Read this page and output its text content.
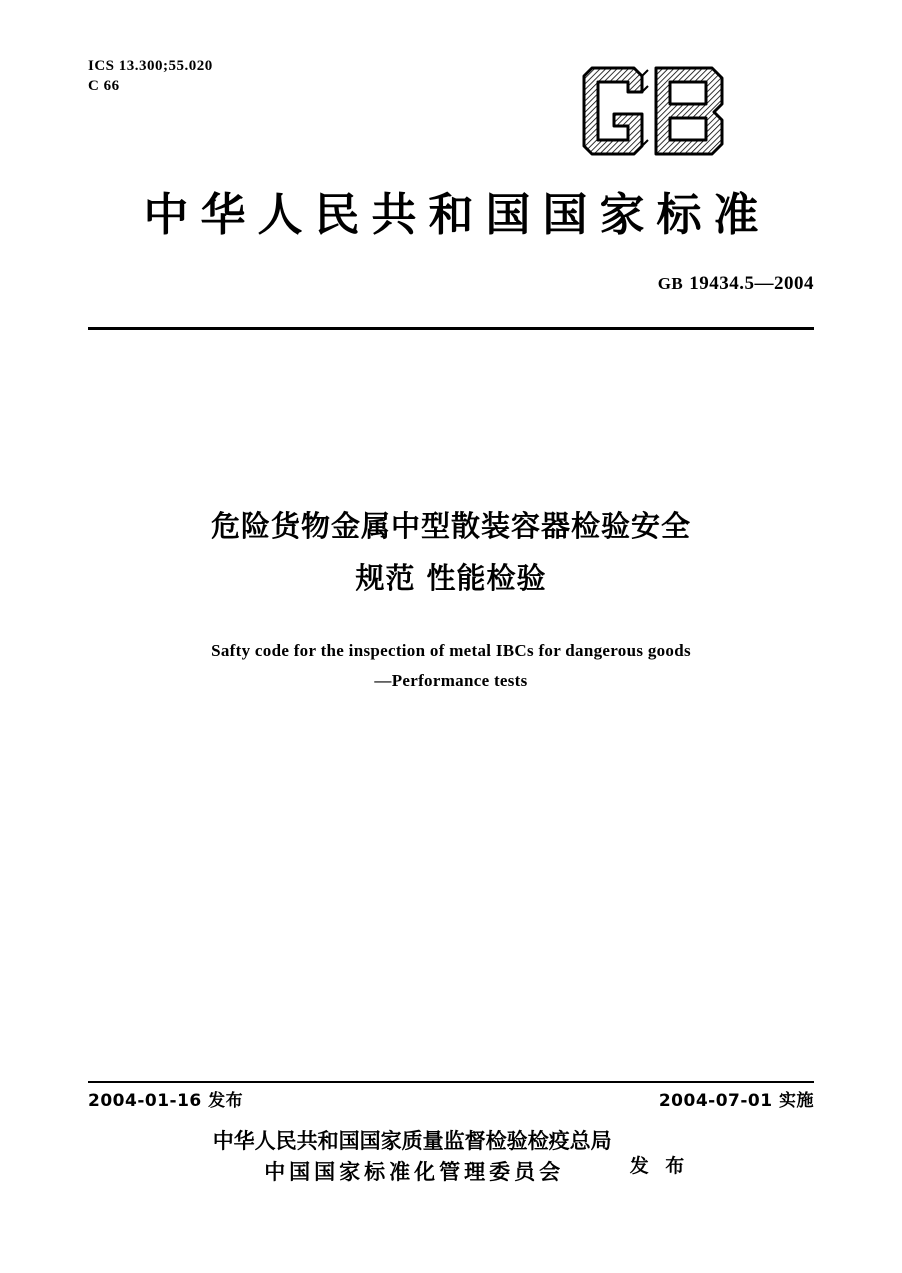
ICS 13.300;55.020
C 66
中华人民共和国国家标准
GB 19434.5—2004
危险货物金属中型散装容器检验安全
规范 性能检验
Safty code for the inspection of metal IBCs for dangerous goods
—Performance tests
2004-01-16 发布	2004-07-01 实施
中华人民共和国国家质量监督检验检疫总局
中国国家标准化管理委员会	发 布
